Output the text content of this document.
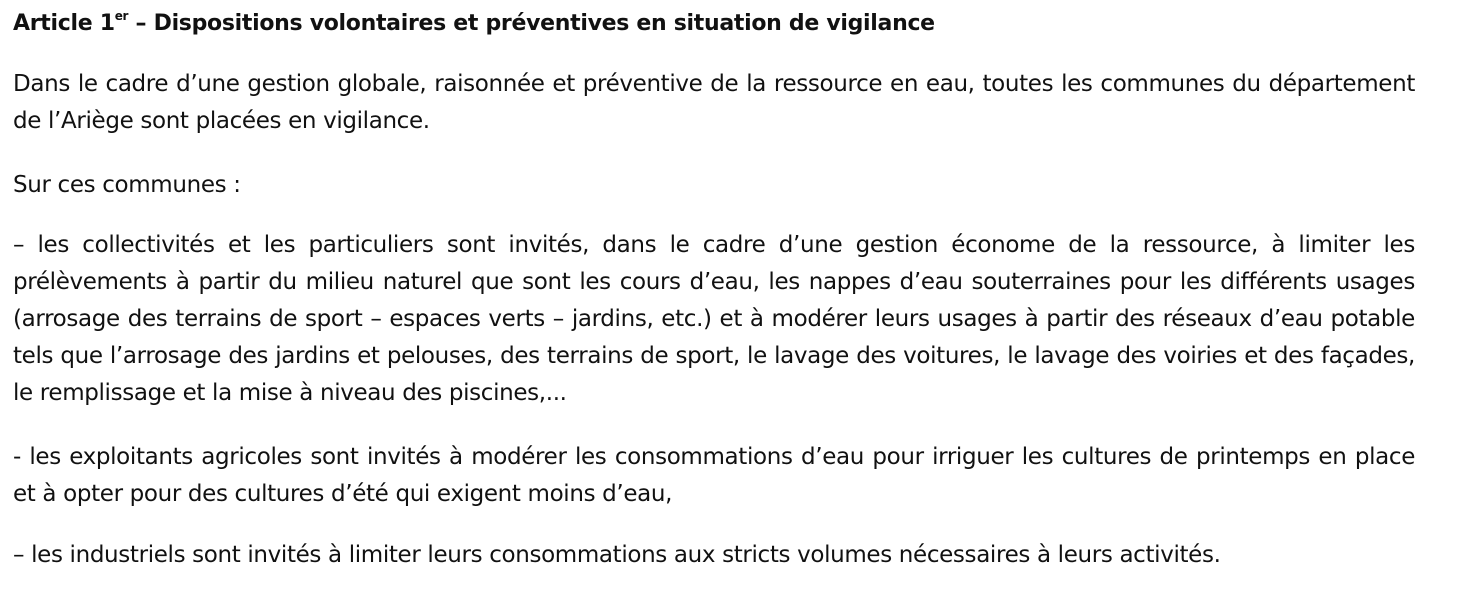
Article 1er – Dispositions volontaires et préventives en situation de vigilance

Dans le cadre d’une gestion globale, raisonnée et préventive de la ressource en eau, toutes les communes du département de l’Ariège sont placées en vigilance.

Sur ces communes :

– les collectivités et les particuliers sont invités, dans le cadre d’une gestion économe de la ressource, à limiter les prélèvements à partir du milieu naturel que sont les cours d’eau, les nappes d’eau souterraines pour les différents usages (arrosage des terrains de sport – espaces verts – jardins, etc.) et à modérer leurs usages à partir des réseaux d’eau potable tels que l’arrosage des jardins et pelouses, des terrains de sport, le lavage des voitures, le lavage des voiries et des façades, le remplissage et la mise à niveau des piscines,...

- les exploitants agricoles sont invités à modérer les consommations d’eau pour irriguer les cultures de printemps en place et à opter pour des cultures d’été qui exigent moins d’eau,

– les industriels sont invités à limiter leurs consommations aux stricts volumes nécessaires à leurs activités.
